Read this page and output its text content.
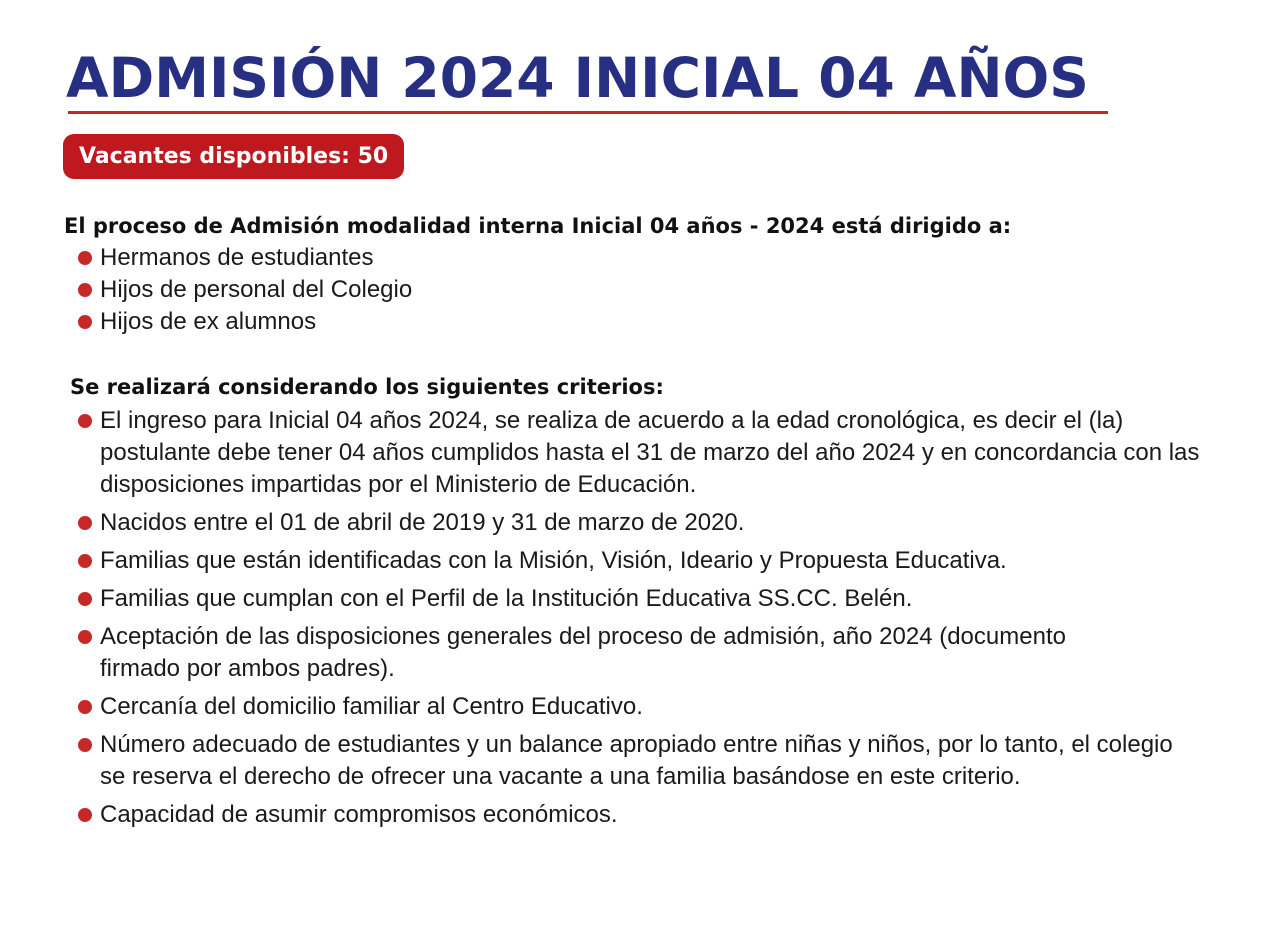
ADMISIÓN 2024 INICIAL 04 AÑOS
Vacantes disponibles: 50
El proceso de Admisión modalidad interna Inicial 04 años - 2024 está dirigido a:
Hermanos de estudiantes
Hijos de personal del Colegio
Hijos de ex alumnos
Se realizará considerando los siguientes criterios:
El ingreso para Inicial 04 años 2024, se realiza de acuerdo a la edad cronológica, es decir el (la) postulante debe tener 04 años cumplidos hasta el 31 de marzo del año 2024 y en concordancia con las disposiciones impartidas por el Ministerio de Educación.
Nacidos entre el 01 de abril de 2019 y 31 de marzo de 2020.
Familias que están identificadas con la Misión, Visión, Ideario y Propuesta Educativa.
Familias que cumplan con el Perfil de la Institución Educativa SS.CC. Belén.
Aceptación de las disposiciones generales del proceso de admisión, año 2024 (documento firmado por ambos padres).
Cercanía del domicilio familiar al Centro Educativo.
Número adecuado de estudiantes y un balance apropiado entre niñas y niños, por lo tanto, el colegio se reserva el derecho de ofrecer una vacante a una familia basándose en este criterio.
Capacidad de asumir compromisos económicos.
